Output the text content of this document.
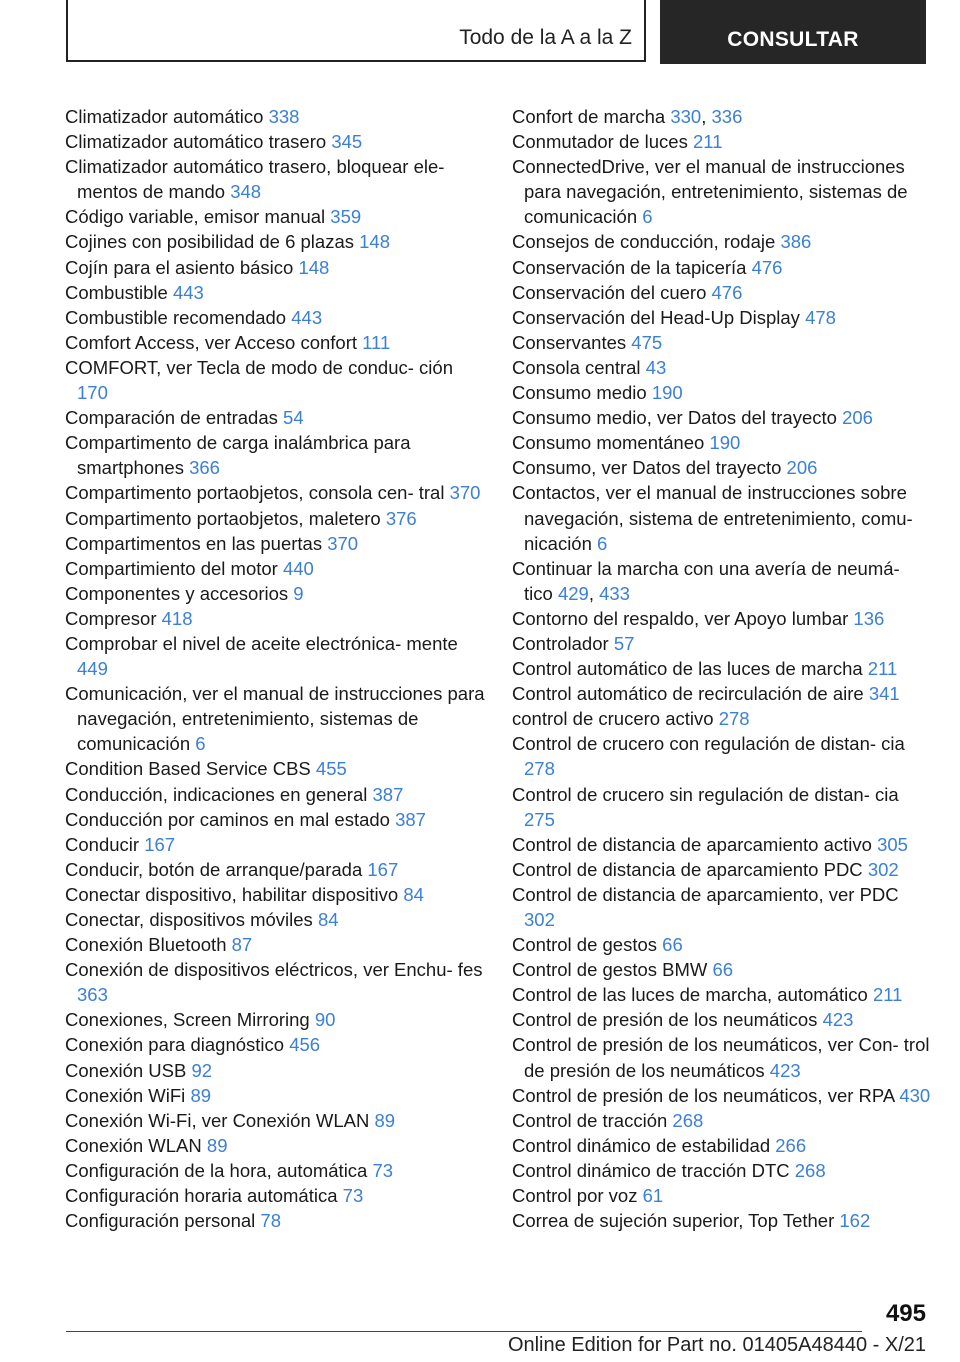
Todo de la A a la Z	CONSULTAR
Climatizador automático 338
Climatizador automático trasero 345
Climatizador automático trasero, bloquear ele- mentos de mando 348
Código variable, emisor manual 359
Cojines con posibilidad de 6 plazas 148
Cojín para el asiento básico 148
Combustible 443
Combustible recomendado 443
Comfort Access, ver Acceso confort 111
COMFORT, ver Tecla de modo de conduc- ción 170
Comparación de entradas 54
Compartimento de carga inalámbrica para smartphones 366
Compartimento portaobjetos, consola cen- tral 370
Compartimento portaobjetos, maletero 376
Compartimentos en las puertas 370
Compartimiento del motor 440
Componentes y accesorios 9
Compresor 418
Comprobar el nivel de aceite electrónica- mente 449
Comunicación, ver el manual de instrucciones para navegación, entretenimiento, sistemas de comunicación 6
Condition Based Service CBS 455
Conducción, indicaciones en general 387
Conducción por caminos en mal estado 387
Conducir 167
Conducir, botón de arranque/parada 167
Conectar dispositivo, habilitar dispositivo 84
Conectar, dispositivos móviles 84
Conexión Bluetooth 87
Conexión de dispositivos eléctricos, ver Enchu- fes 363
Conexiones, Screen Mirroring 90
Conexión para diagnóstico 456
Conexión USB 92
Conexión WiFi 89
Conexión Wi-Fi, ver Conexión WLAN 89
Conexión WLAN 89
Configuración de la hora, automática 73
Configuración horaria automática 73
Configuración personal 78
Confort de marcha 330, 336
Conmutador de luces 211
ConnectedDrive, ver el manual de instrucciones para navegación, entretenimiento, sistemas de comunicación 6
Consejos de conducción, rodaje 386
Conservación de la tapicería 476
Conservación del cuero 476
Conservación del Head-Up Display 478
Conservantes 475
Consola central 43
Consumo medio 190
Consumo medio, ver Datos del trayecto 206
Consumo momentáneo 190
Consumo, ver Datos del trayecto 206
Contactos, ver el manual de instrucciones sobre navegación, sistema de entretenimiento, comu- nicación 6
Continuar la marcha con una avería de neumá- tico 429, 433
Contorno del respaldo, ver Apoyo lumbar 136
Controlador 57
Control automático de las luces de marcha 211
Control automático de recirculación de aire 341
control de crucero activo 278
Control de crucero con regulación de distan- cia 278
Control de crucero sin regulación de distan- cia 275
Control de distancia de aparcamiento activo 305
Control de distancia de aparcamiento PDC 302
Control de distancia de aparcamiento, ver PDC 302
Control de gestos 66
Control de gestos BMW 66
Control de las luces de marcha, automático 211
Control de presión de los neumáticos 423
Control de presión de los neumáticos, ver Con- trol de presión de los neumáticos 423
Control de presión de los neumáticos, ver RPA 430
Control de tracción 268
Control dinámico de estabilidad 266
Control dinámico de tracción DTC 268
Control por voz 61
Correa de sujeción superior, Top Tether 162
495
Online Edition for Part no. 01405A48440 - X/21
